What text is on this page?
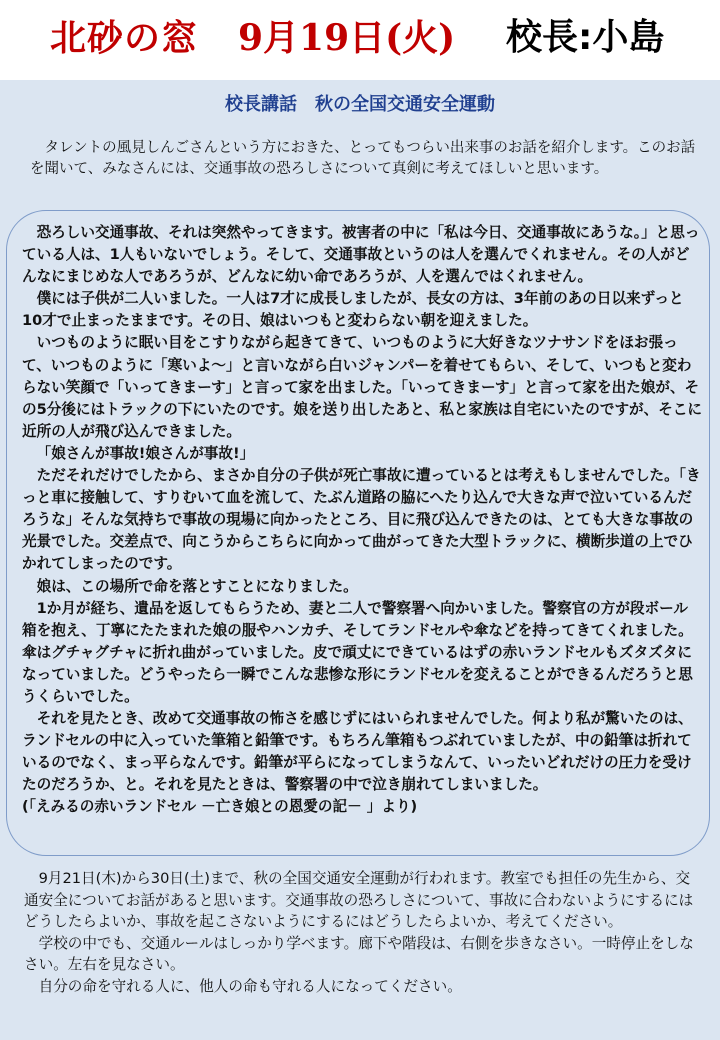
北砂の窓 9月19日(火) 校長:小島
校長講話　秋の全国交通安全運動
タレントの風見しんごさんという方におきた、とってもつらい出来事のお話を紹介します。このお話を聞いて、みなさんには、交通事故の恐ろしさについて真剣に考えてほしいと思います。

恐ろしい交通事故、それは突然やってきます。被害者の中に「私は今日、交通事故にあうな。」と思っている人は、1人もいないでしょう。そして、交通事故というのは人を選んでくれません。その人がどんなにまじめな人であろうが、どんなに幼い命であろうが、人を選んではくれません。

僕には子供が二人いました。一人は7才に成長しましたが、長女の方は、3年前のあの日以来ずっと10才で止まったままです。その日、娘はいつもと変わらない朝を迎えました。

いつものように眠い目をこすりながら起きてきて、いつものように大好きなツナサンドをほお張って、いつものように「寒いよ～」と言いながら白いジャンパーを着せてもらい、そして、いつもと変わらない笑顔で「いってきまーす」と言って家を出ました。「いってきまーす」と言って家を出た娘が、その5分後にはトラックの下にいたのです。娘を送り出したあと、私と家族は自宅にいたのですが、そこに近所の人が飛び込んできました。

「娘さんが事故!娘さんが事故!」

ただそれだけでしたから、まさか自分の子供が死亡事故に遭っているとは考えもしませんでした。「きっと車に接触して、すりむいて血を流して、たぶん道路の脇にへたり込んで大きな声で泣いているんだろうな」そんな気持ちで事故の現場に向かったところ、目に飛び込んできたのは、とても大きな事故の光景でした。交差点で、向こうからこちらに向かって曲がってきた大型トラックに、横断歩道の上でひかれてしまったのです。

娘は、この場所で命を落とすことになりました。

1か月が経ち、遺品を返してもらうため、妻と二人で警察署へ向かいました。警察官の方が段ボール箱を抱え、丁寧にたたまれた娘の服やハンカチ、そしてランドセルや傘などを持ってきてくれました。傘はグチャグチャに折れ曲がっていました。皮で頑丈にできているはずの赤いランドセルもズタズタになっていました。どうやったら一瞬でこんな悲惨な形にランドセルを変えることができるんだろうと思うくらいでした。

それを見たとき、改めて交通事故の怖さを感じずにはいられませんでした。何より私が驚いたのは、ランドセルの中に入っていた筆箱と鉛筆です。もちろん筆箱もつぶれていましたが、中の鉛筆は折れているのでなく、まっ平らなんです。鉛筆が平らになってしまうなんて、いったいどれだけの圧力を受けたのだろうか、と。それを見たときは、警察署の中で泣き崩れてしまいました。　　(「えみるの赤いランドセル －亡き娘との恩愛の記－ 」より)

9月21日(木)から30日(土)まで、秋の全国交通安全運動が行われます。教室でも担任の先生から、交通安全についてお話があると思います。交通事故の恐ろしさについて、事故に合わないようにするにはどうしたらよいか、事故を起こさないようにするにはどうしたらよいか、考えてください。

学校の中でも、交通ルールはしっかり学べます。廊下や階段は、右側を歩きなさい。一時停止をしなさい。左右を見なさい。

自分の命を守れる人に、他人の命も守れる人になってください。
